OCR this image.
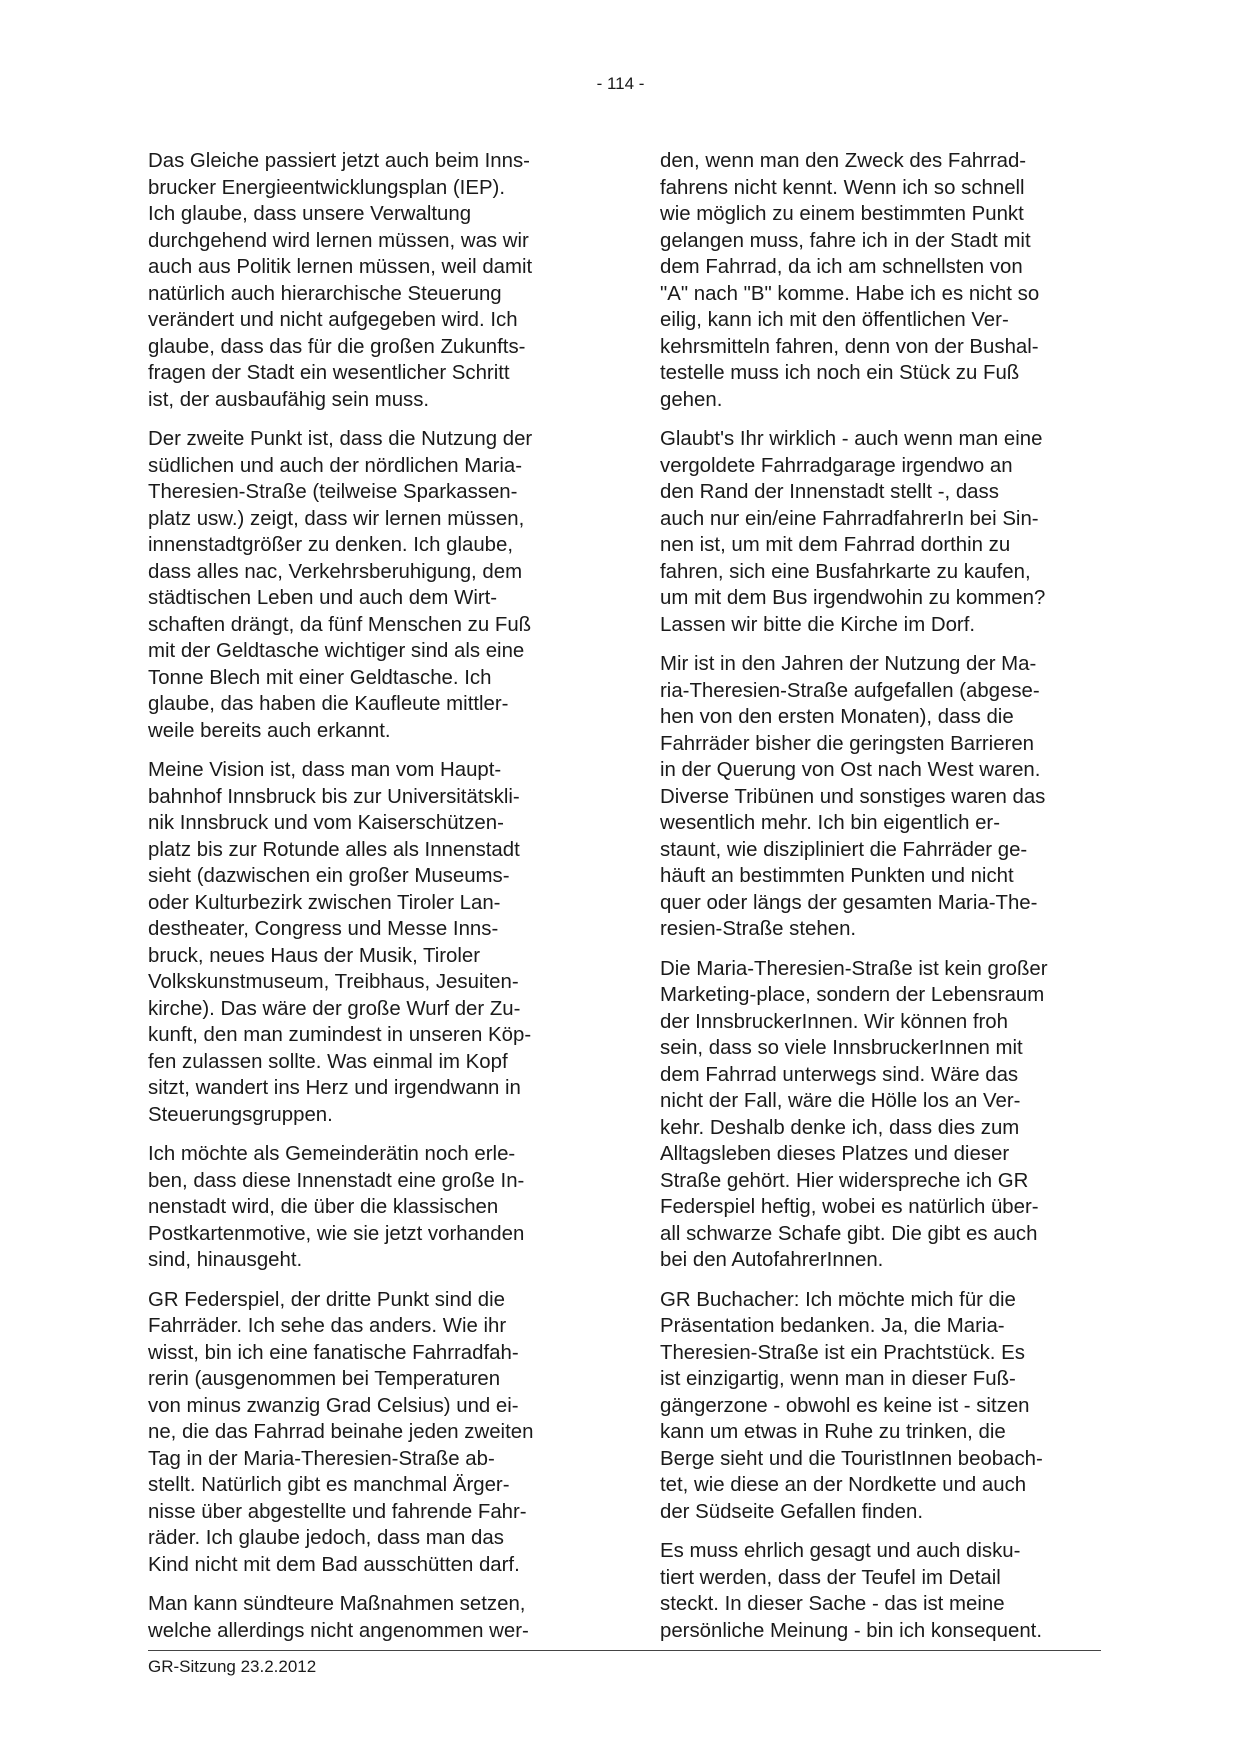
- 114 -

Das Gleiche passiert jetzt auch beim Inns-
brucker Energieentwicklungsplan (IEP).
Ich glaube, dass unsere Verwaltung
durchgehend wird lernen müssen, was wir
auch aus Politik lernen müssen, weil damit
natürlich auch hierarchische Steuerung
verändert und nicht aufgegeben wird. Ich
glaube, dass das für die großen Zukunfts-
fragen der Stadt ein wesentlicher Schritt
ist, der ausbaufähig sein muss.

Der zweite Punkt ist, dass die Nutzung der
südlichen und auch der nördlichen Maria-
Theresien-Straße (teilweise Sparkassen-
platz usw.) zeigt, dass wir lernen müssen,
innenstadtgrößer zu denken. Ich glaube,
dass alles nac, Verkehrsberuhigung, dem
städtischen Leben und auch dem Wirt-
schaften drängt, da fünf Menschen zu Fuß
mit der Geldtasche wichtiger sind als eine
Tonne Blech mit einer Geldtasche. Ich
glaube, das haben die Kaufleute mittler-
weile bereits auch erkannt.

Meine Vision ist, dass man vom Haupt-
bahnhof Innsbruck bis zur Universitätskli-
nik Innsbruck und vom Kaiserschützen-
platz bis zur Rotunde alles als Innenstadt
sieht (dazwischen ein großer Museums-
oder Kulturbezirk zwischen Tiroler Lan-
destheater, Congress und Messe Inns-
bruck, neues Haus der Musik, Tiroler
Volkskunstmuseum, Treibhaus, Jesuiten-
kirche). Das wäre der große Wurf der Zu-
kunft, den man zumindest in unseren Köp-
fen zulassen sollte. Was einmal im Kopf
sitzt, wandert ins Herz und irgendwann in
Steuerungsgruppen.

Ich möchte als Gemeinderätin noch erle-
ben, dass diese Innenstadt eine große In-
nenstadt wird, die über die klassischen
Postkartenmotive, wie sie jetzt vorhanden
sind, hinausgeht.

GR Federspiel, der dritte Punkt sind die
Fahrräder. Ich sehe das anders. Wie ihr
wisst, bin ich eine fanatische Fahrradfah-
rerin (ausgenommen bei Temperaturen
von minus zwanzig Grad Celsius) und ei-
ne, die das Fahrrad beinahe jeden zweiten
Tag in der Maria-Theresien-Straße ab-
stellt. Natürlich gibt es manchmal Ärger-
nisse über abgestellte und fahrende Fahr-
räder. Ich glaube jedoch, dass man das
Kind nicht mit dem Bad ausschütten darf.

Man kann sündteure Maßnahmen setzen,
welche allerdings nicht angenommen wer-

den, wenn man den Zweck des Fahrrad-
fahrens nicht kennt. Wenn ich so schnell
wie möglich zu einem bestimmten Punkt
gelangen muss, fahre ich in der Stadt mit
dem Fahrrad, da ich am schnellsten von
"A" nach "B" komme. Habe ich es nicht so
eilig, kann ich mit den öffentlichen Ver-
kehrsmitteln fahren, denn von der Bushal-
testelle muss ich noch ein Stück zu Fuß
gehen.

Glaubt's Ihr wirklich - auch wenn man eine
vergoldete Fahrradgarage irgendwo an
den Rand der Innenstadt stellt -, dass
auch nur ein/eine FahrradfahrerIn bei Sin-
nen ist, um mit dem Fahrrad dorthin zu
fahren, sich eine Busfahrkarte zu kaufen,
um mit dem Bus irgendwohin zu kommen?
Lassen wir bitte die Kirche im Dorf.

Mir ist in den Jahren der Nutzung der Ma-
ria-Theresien-Straße aufgefallen (abgese-
hen von den ersten Monaten), dass die
Fahrräder bisher die geringsten Barrieren
in der Querung von Ost nach West waren.
Diverse Tribünen und sonstiges waren das
wesentlich mehr. Ich bin eigentlich er-
staunt, wie diszipliniert die Fahrräder ge-
häuft an bestimmten Punkten und nicht
quer oder längs der gesamten Maria-The-
resien-Straße stehen.

Die Maria-Theresien-Straße ist kein großer
Marketing-place, sondern der Lebensraum
der InnsbruckerInnen. Wir können froh
sein, dass so viele InnsbruckerInnen mit
dem Fahrrad unterwegs sind. Wäre das
nicht der Fall, wäre die Hölle los an Ver-
kehr. Deshalb denke ich, dass dies zum
Alltagsleben dieses Platzes und dieser
Straße gehört. Hier widerspreche ich GR
Federspiel heftig, wobei es natürlich über-
all schwarze Schafe gibt. Die gibt es auch
bei den AutofahrerInnen.

GR Buchacher: Ich möchte mich für die
Präsentation bedanken. Ja, die Maria-
Theresien-Straße ist ein Prachtstück. Es
ist einzigartig, wenn man in dieser Fuß-
gängerzone - obwohl es keine ist - sitzen
kann um etwas in Ruhe zu trinken, die
Berge sieht und die TouristInnen beobach-
tet, wie diese an der Nordkette und auch
der Südseite Gefallen finden.

Es muss ehrlich gesagt und auch disku-
tiert werden, dass der Teufel im Detail
steckt. In dieser Sache - das ist meine
persönliche Meinung - bin ich konsequent.

GR-Sitzung 23.2.2012
